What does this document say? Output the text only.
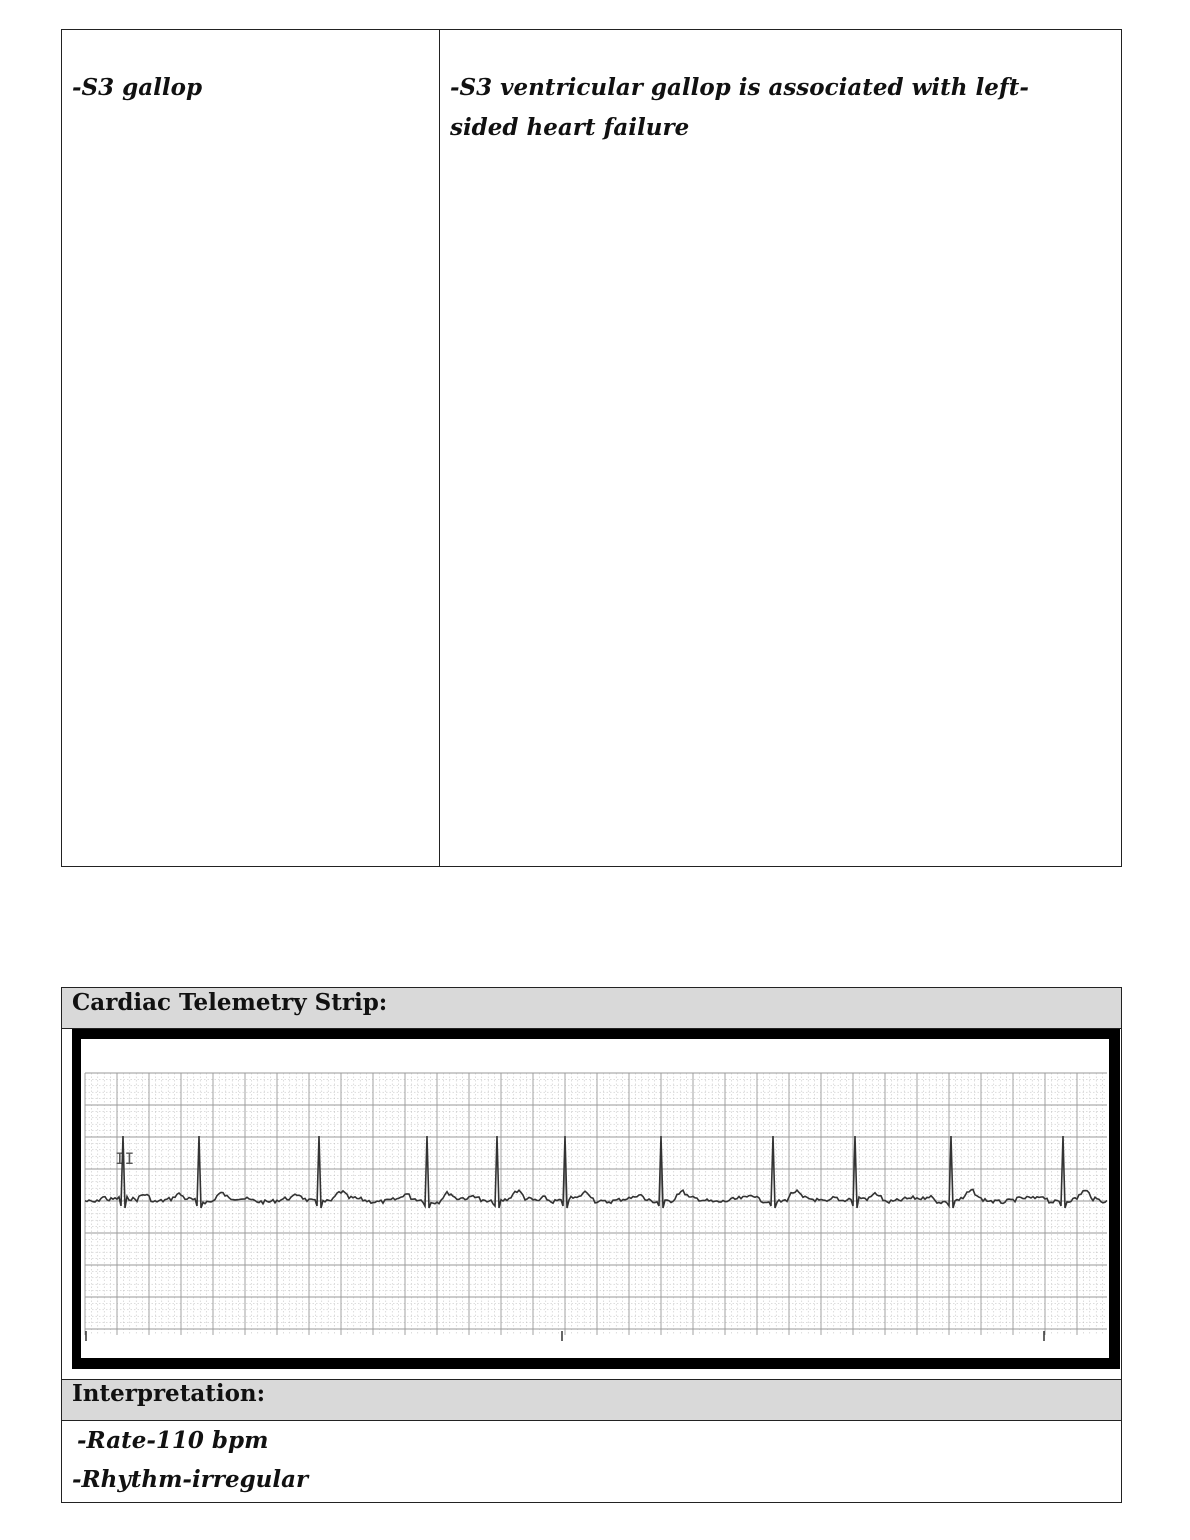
-S3 gallop	-S3 ventricular gallop is associated with left-sided heart failure
Cardiac Telemetry Strip:
II
Interpretation:
-Rate-110 bpm
-Rhythm-irregular
